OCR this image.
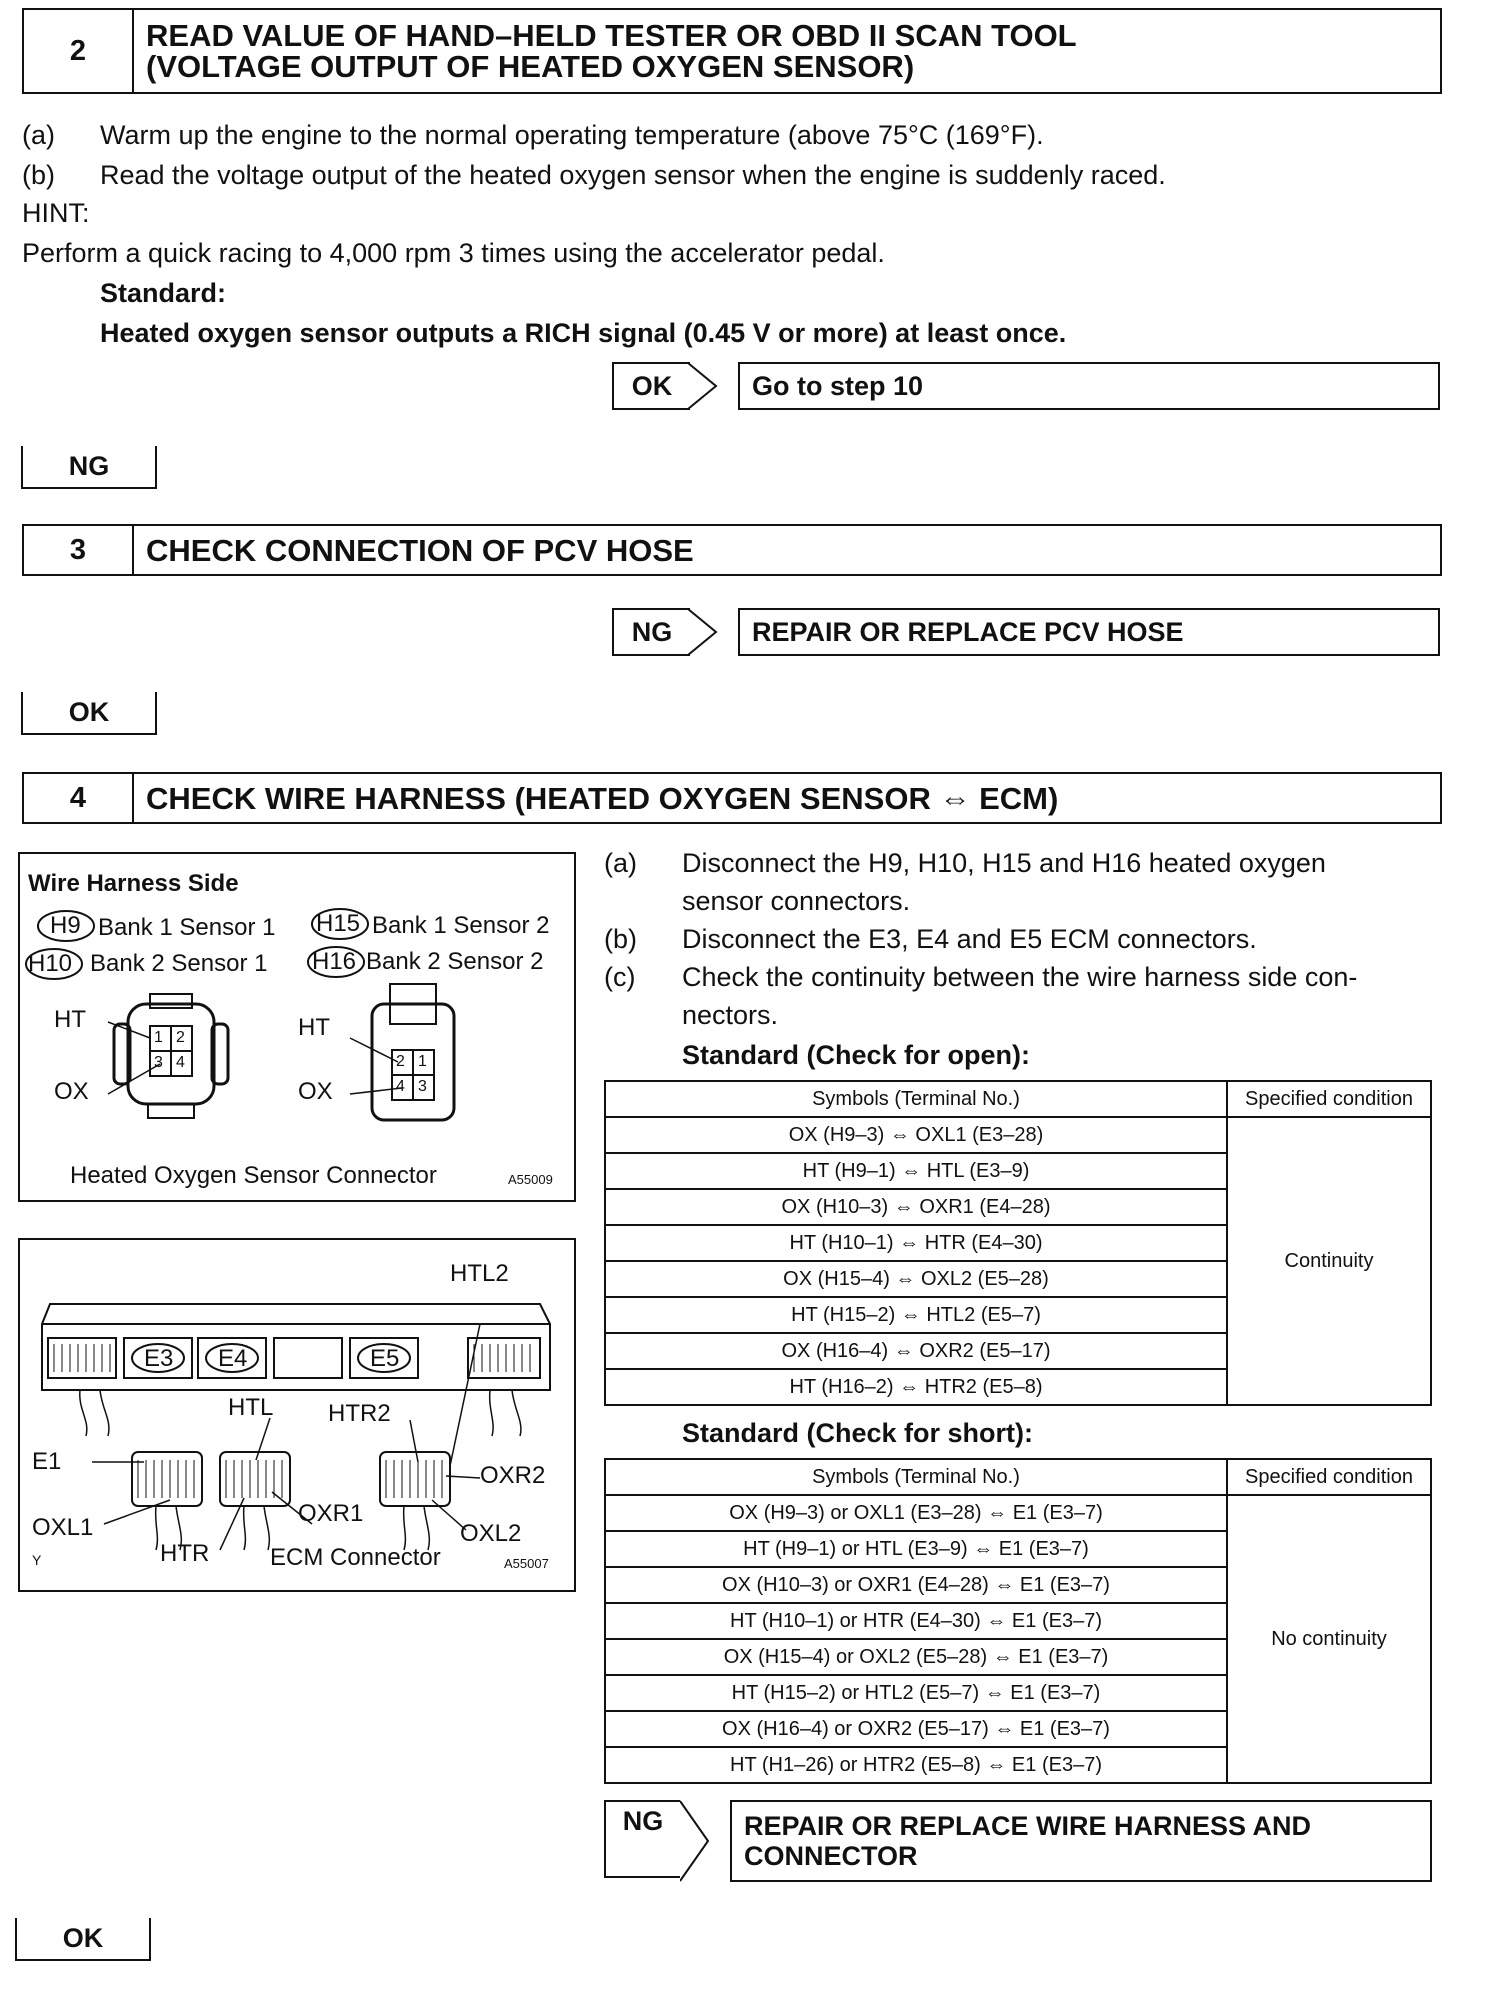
2	READ VALUE OF HAND–HELD TESTER OR OBD II SCAN TOOL
(VOLTAGE OUTPUT OF HEATED OXYGEN SENSOR)
(a) Warm up the engine to the normal operating temperature (above 75°C (169°F).
(b) Read the voltage output of the heated oxygen sensor when the engine is suddenly raced.
HINT:
Perform a quick racing to 4,000 rpm 3 times using the accelerator pedal.
Standard:
Heated oxygen sensor outputs a RICH signal (0.45 V or more) at least once.
OK	Go to step 10
NG
3	CHECK CONNECTION OF PCV HOSE
NG	REPAIR OR REPLACE PCV HOSE
OK
4	CHECK WIRE HARNESS (HEATED OXYGEN SENSOR ⇔ ECM)
Wire Harness Side
H9 Bank 1 Sensor 1 H15 Bank 1 Sensor 2
H10 Bank 2 Sensor 1 H16 Bank 2 Sensor 2
HT
OX
HT
OX
1 2
3 4	2 1
4 3
Heated Oxygen Sensor Connector	A55009
HTL2
E3 E4	E5
HTL HTR2
E1
OXR2
OXL1
OXR1
OXL2
Y	HTR	ECM Connector	A55007
(a) Disconnect the H9, H10, H15 and H16 heated oxygen
sensor connectors.
(b) Disconnect the E3, E4 and E5 ECM connectors.
(c) Check the continuity between the wire harness side con-
nectors.
Standard (Check for open):
Symbols (Terminal No.)	Specified condition
OX (H9–3) ⇔ OXL1 (E3–28)	Continuity
HT (H9–1) ⇔ HTL (E3–9)	
OX (H10–3) ⇔ OXR1 (E4–28)	
HT (H10–1) ⇔ HTR (E4–30)	
OX (H15–4) ⇔ OXL2 (E5–28)	
HT (H15–2) ⇔ HTL2 (E5–7)	
OX (H16–4) ⇔ OXR2 (E5–17)	
HT (H16–2) ⇔ HTR2 (E5–8)	
Standard (Check for short):
Symbols (Terminal No.)	Specified condition
OX (H9–3) or OXL1 (E3–28) ⇔ E1 (E3–7)	No continuity
HT (H9–1) or HTL (E3–9) ⇔ E1 (E3–7)	
OX (H10–3) or OXR1 (E4–28) ⇔ E1 (E3–7)	
HT (H10–1) or HTR (E4–30) ⇔ E1 (E3–7)	
OX (H15–4) or OXL2 (E5–28) ⇔ E1 (E3–7)	
HT (H15–2) or HTL2 (E5–7) ⇔ E1 (E3–7)	
OX (H16–4) or OXR2 (E5–17) ⇔ E1 (E3–7)	
HT (H1–26) or HTR2 (E5–8) ⇔ E1 (E3–7)	
NG	REPAIR OR REPLACE WIRE HARNESS AND
CONNECTOR
OK
